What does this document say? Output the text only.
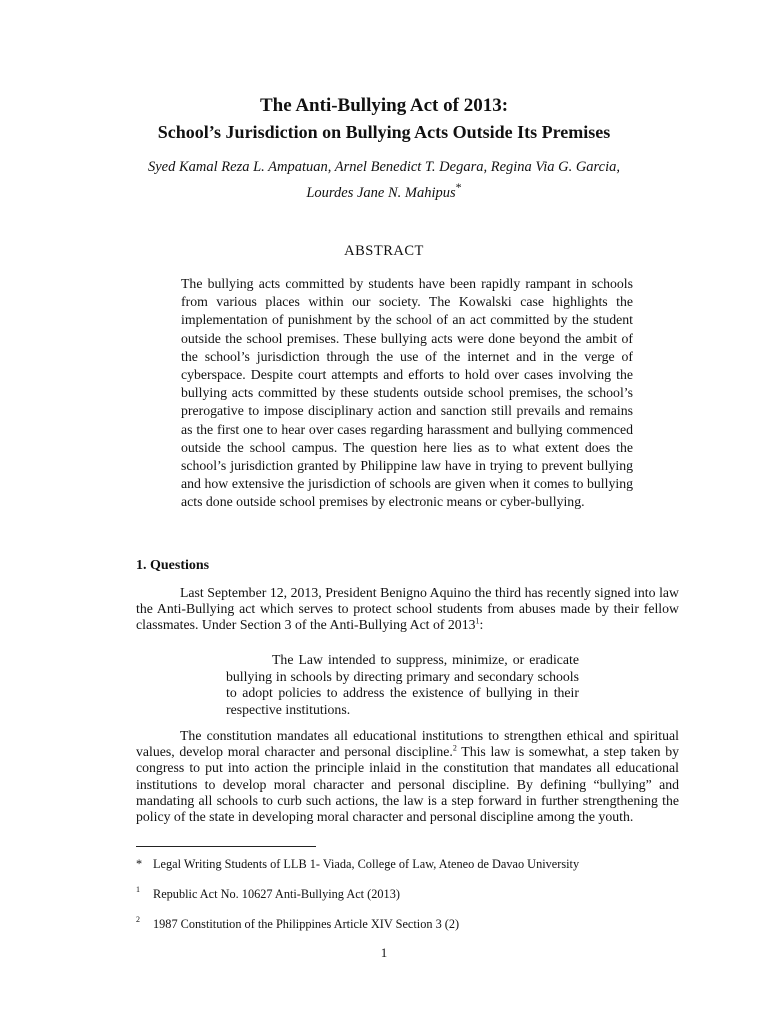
The Anti-Bullying Act of 2013:
School’s Jurisdiction on Bullying Acts Outside Its Premises
Syed Kamal Reza L. Ampatuan, Arnel Benedict T. Degara, Regina Via G. Garcia,
Lourdes Jane N. Mahipus*
ABSTRACT

The bullying acts committed by students have been rapidly rampant in schools from various places within our society. The Kowalski case highlights the implementation of punishment by the school of an act committed by the student outside the school premises. These bullying acts were done beyond the ambit of the school’s jurisdiction through the use of the internet and in the verge of cyberspace. Despite court attempts and efforts to hold over cases involving the bullying acts committed by these students outside school premises, the school’s prerogative to impose disciplinary action and sanction still prevails and remains as the first one to hear over cases regarding harassment and bullying commenced outside the school campus. The question here lies as to what extent does the school’s jurisdiction granted by Philippine law have in trying to prevent bullying and how extensive the jurisdiction of schools are given when it comes to bullying acts done outside school premises by electronic means or cyber-bullying.

1. Questions

Last September 12, 2013, President Benigno Aquino the third has recently signed into law the Anti-Bullying act which serves to protect school students from abuses made by their fellow classmates. Under Section 3 of the Anti-Bullying Act of 2013$^1$:

The Law intended to suppress, minimize, or eradicate bullying in schools by directing primary and secondary schools to adopt policies to address the existence of bullying in their respective institutions.

The constitution mandates all educational institutions to strengthen ethical and spiritual values, develop moral character and personal discipline.$^2$ This law is somewhat, a step taken by congress to put into action the principle inlaid in the constitution that mandates all educational institutions to develop moral character and personal discipline. By defining “bullying” and mandating all schools to curb such actions, the law is a step forward in further strengthening the policy of the state in developing moral character and personal discipline among the youth.

* Legal Writing Students of LLB 1- Viada, College of Law, Ateneo de Davao University
1	Republic Act No. 10627 Anti-Bullying Act (2013)
2	1987 Constitution of the Philippines Article XIV Section 3 (2)
1
